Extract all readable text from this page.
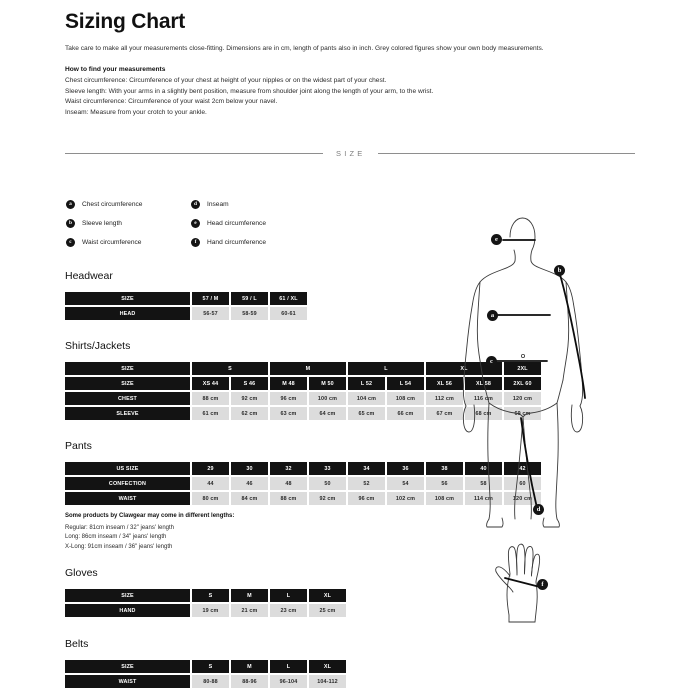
Sizing Chart

Take care to make all your measurements close-fitting. Dimensions are in cm, length of pants also in inch. Grey colored figures show your own body measurements.

How to find your measurements

Chest circumference: Circumference of your chest at height of your nipples or on the widest part of your chest.

Sleeve length: With your arms in a slightly bent position, measure from shoulder joint along the length of your arm, to the wrist.

Waist circumference: Circumference of your waist 2cm below your navel.

Inseam: Measure from your crotch to your ankle.

SIZE
a	Chest circumference
b	Sleeve length
c	Waist circumference
d	Inseam
e	Head circumference
f	Hand circumference
Headwear
SIZE	57 / M	59 / L	61 / XL
HEAD	56-57	58-59	60-61
Shirts/Jackets
SIZE	S		M		L		XL		2XL
SIZE	XS 44	S 46	M 48	M 50	L 52	L 54	XL 56	XL 58	2XL 60
CHEST	88 cm	92 cm	96 cm	100 cm	104 cm	108 cm	112 cm	116 cm	120 cm
SLEEVE	61 cm	62 cm	63 cm	64 cm	65 cm	66 cm	67 cm	68 cm	69 cm
Pants
US SIZE	29	30	32	33	34	36	38	40	42
CONFECTION	44	46	48	50	52	54	56	58	60
WAIST	80 cm	84 cm	88 cm	92 cm	96 cm	102 cm	108 cm	114 cm	120 cm

Some products by Clawgear may come in different lengths:

Regular: 81cm inseam / 32" jeans' length

Long: 86cm inseam / 34" jeans' length

X-Long: 91cm inseam / 36" jeans' length

Gloves
SIZE	S	M	L	XL
HAND	19 cm	21 cm	23 cm	25 cm
Belts
SIZE	S	M	L	XL
WAIST	80-88	88-96	96-104	104-112
e
b
a
c
d
f
